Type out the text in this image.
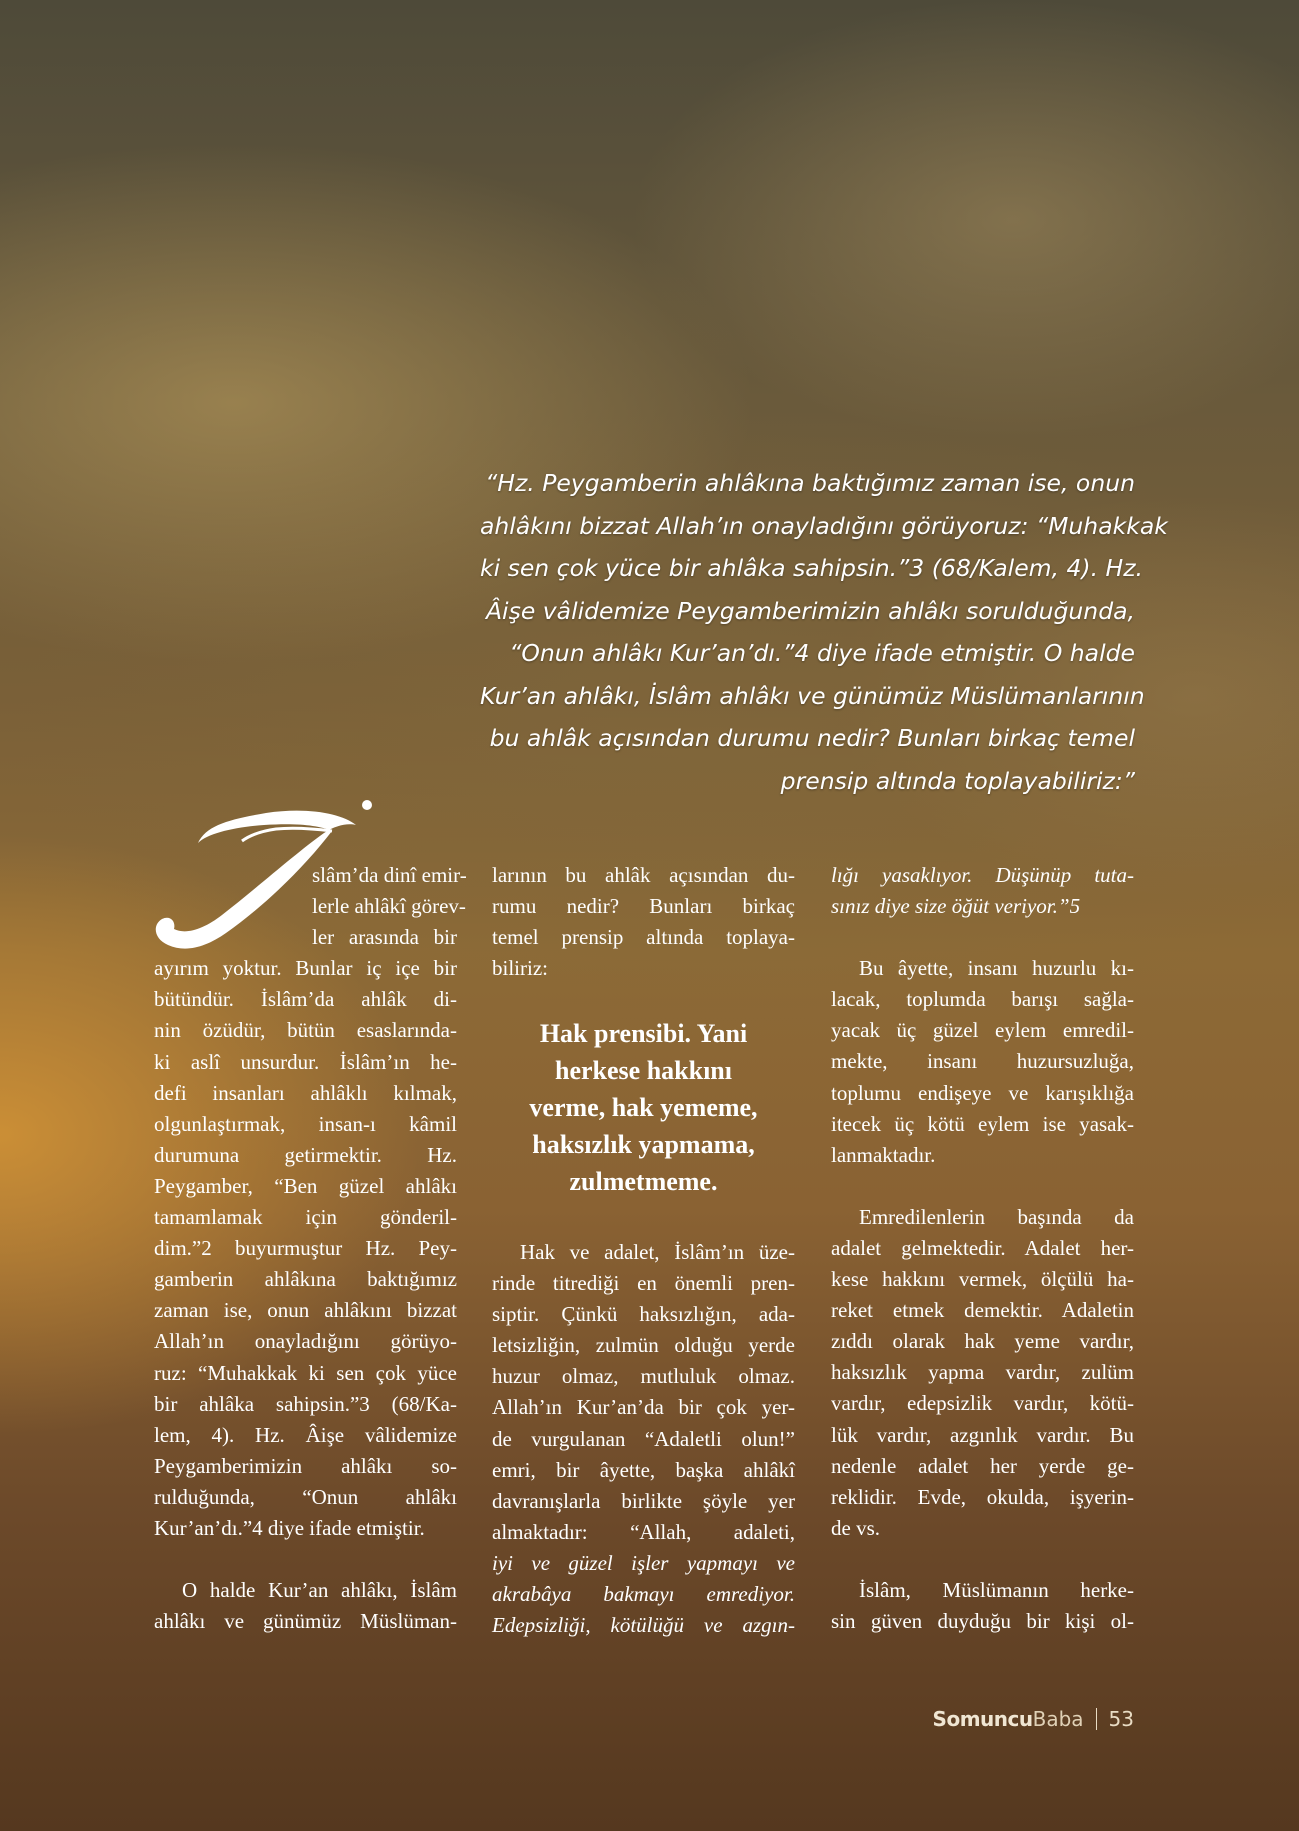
“Hz. Peygamberin ahlâkına baktığımız zaman ise, onun
ahlâkını bizzat Allah’ın onayladığını görüyoruz: “Muhakkak
ki sen çok yüce bir ahlâka sahipsin.”3 (68/Kalem, 4). Hz.
Âişe vâlidemize Peygamberimizin ahlâkı sorulduğunda,
“Onun ahlâkı Kur’an’dı.”4 diye ifade etmiştir. O halde
Kur’an ahlâkı, İslâm ahlâkı ve günümüz Müslümanlarının
bu ahlâk açısından durumu nedir? Bunları birkaç temel
prensip altında toplayabiliriz:”
slâm’da dinî emir-
lerle ahlâkî görev-
ler arasında bir
ayırım yoktur. Bunlar iç içe bir
bütündür. İslâm’da ahlâk di-
nin özüdür, bütün esaslarında-
ki aslî unsurdur. İslâm’ın he-
defi insanları ahlâklı kılmak,
olgunlaştırmak, insan-ı kâmil
durumuna getirmektir. Hz.
Peygamber, “Ben güzel ahlâkı
tamamlamak için gönderil-
dim.”2 buyurmuştur Hz. Pey-
gamberin ahlâkına baktığımız
zaman ise, onun ahlâkını bizzat
Allah’ın onayladığını görüyo-
ruz: “Muhakkak ki sen çok yüce
bir ahlâka sahipsin.”3 (68/Ka-
lem, 4). Hz. Âişe vâlidemize
Peygamberimizin ahlâkı so-
rulduğunda, “Onun ahlâkı
Kur’an’dı.”4 diye ifade etmiştir.
O halde Kur’an ahlâkı, İslâm
ahlâkı ve günümüz Müslüman-
larının bu ahlâk açısından du-
rumu nedir? Bunları birkaç
temel prensip altında toplaya-
biliriz:
Hak prensibi. Yani
herkese hakkını
verme, hak yememe,
haksızlık yapmama,
zulmetmeme.
Hak ve adalet, İslâm’ın üze-
rinde titrediği en önemli pren-
siptir. Çünkü haksızlığın, ada-
letsizliğin, zulmün olduğu yerde
huzur olmaz, mutluluk olmaz.
Allah’ın Kur’an’da bir çok yer-
de vurgulanan “Adaletli olun!”
emri, bir âyette, başka ahlâkî
davranışlarla birlikte şöyle yer
almaktadır: “Allah, adaleti,
iyi ve güzel işler yapmayı ve
akrabâya bakmayı emrediyor.
Edepsizliği, kötülüğü ve azgın-
lığı yasaklıyor. Düşünüp tuta-
sınız diye size öğüt veriyor.”5
Bu âyette, insanı huzurlu kı-
lacak, toplumda barışı sağla-
yacak üç güzel eylem emredil-
mekte, insanı huzursuzluğa,
toplumu endişeye ve karışıklığa
itecek üç kötü eylem ise yasak-
lanmaktadır.
Emredilenlerin başında da
adalet gelmektedir. Adalet her-
kese hakkını vermek, ölçülü ha-
reket etmek demektir. Adaletin
zıddı olarak hak yeme vardır,
haksızlık yapma vardır, zulüm
vardır, edepsizlik vardır, kötü-
lük vardır, azgınlık vardır. Bu
nedenle adalet her yerde ge-
reklidir. Evde, okulda, işyerin-
de vs.
İslâm, Müslümanın herke-
sin güven duyduğu bir kişi ol-
SomuncuBaba 53
